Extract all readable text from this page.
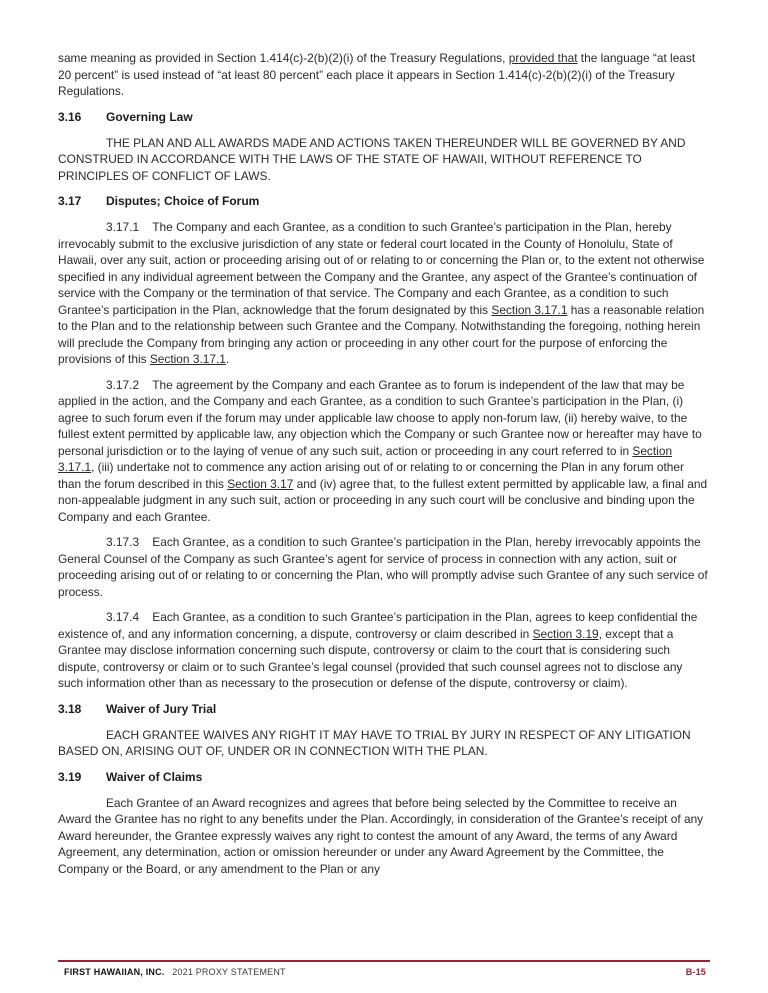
same meaning as provided in Section 1.414(c)-2(b)(2)(i) of the Treasury Regulations, provided that the language “at least 20 percent” is used instead of “at least 80 percent” each place it appears in Section 1.414(c)-2(b)(2)(i) of the Treasury Regulations.

3.16	Governing Law

THE PLAN AND ALL AWARDS MADE AND ACTIONS TAKEN THEREUNDER WILL BE GOVERNED BY AND CONSTRUED IN ACCORDANCE WITH THE LAWS OF THE STATE OF HAWAII, WITHOUT REFERENCE TO PRINCIPLES OF CONFLICT OF LAWS.

3.17	Disputes; Choice of Forum

3.17.1    The Company and each Grantee, as a condition to such Grantee’s participation in the Plan, hereby irrevocably submit to the exclusive jurisdiction of any state or federal court located in the County of Honolulu, State of Hawaii, over any suit, action or proceeding arising out of or relating to or concerning the Plan or, to the extent not otherwise specified in any individual agreement between the Company and the Grantee, any aspect of the Grantee’s continuation of service with the Company or the termination of that service. The Company and each Grantee, as a condition to such Grantee’s participation in the Plan, acknowledge that the forum designated by this Section 3.17.1 has a reasonable relation to the Plan and to the relationship between such Grantee and the Company. Notwithstanding the foregoing, nothing herein will preclude the Company from bringing any action or proceeding in any other court for the purpose of enforcing the provisions of this Section 3.17.1.

3.17.2    The agreement by the Company and each Grantee as to forum is independent of the law that may be applied in the action, and the Company and each Grantee, as a condition to such Grantee’s participation in the Plan, (i) agree to such forum even if the forum may under applicable law choose to apply non-forum law, (ii) hereby waive, to the fullest extent permitted by applicable law, any objection which the Company or such Grantee now or hereafter may have to personal jurisdiction or to the laying of venue of any such suit, action or proceeding in any court referred to in Section 3.17.1, (iii) undertake not to commence any action arising out of or relating to or concerning the Plan in any forum other than the forum described in this Section 3.17 and (iv) agree that, to the fullest extent permitted by applicable law, a final and non-appealable judgment in any such suit, action or proceeding in any such court will be conclusive and binding upon the Company and each Grantee.

3.17.3    Each Grantee, as a condition to such Grantee’s participation in the Plan, hereby irrevocably appoints the General Counsel of the Company as such Grantee’s agent for service of process in connection with any action, suit or proceeding arising out of or relating to or concerning the Plan, who will promptly advise such Grantee of any such service of process.

3.17.4    Each Grantee, as a condition to such Grantee’s participation in the Plan, agrees to keep confidential the existence of, and any information concerning, a dispute, controversy or claim described in Section 3.19, except that a Grantee may disclose information concerning such dispute, controversy or claim to the court that is considering such dispute, controversy or claim or to such Grantee’s legal counsel (provided that such counsel agrees not to disclose any such information other than as necessary to the prosecution or defense of the dispute, controversy or claim).

3.18	Waiver of Jury Trial

EACH GRANTEE WAIVES ANY RIGHT IT MAY HAVE TO TRIAL BY JURY IN RESPECT OF ANY LITIGATION BASED ON, ARISING OUT OF, UNDER OR IN CONNECTION WITH THE PLAN.

3.19	Waiver of Claims

Each Grantee of an Award recognizes and agrees that before being selected by the Committee to receive an Award the Grantee has no right to any benefits under the Plan. Accordingly, in consideration of the Grantee’s receipt of any Award hereunder, the Grantee expressly waives any right to contest the amount of any Award, the terms of any Award Agreement, any determination, action or omission hereunder or under any Award Agreement by the Committee, the Company or the Board, or any amendment to the Plan or any

FIRST HAWAIIAN, INC. 2021 PROXY STATEMENT	B-15
